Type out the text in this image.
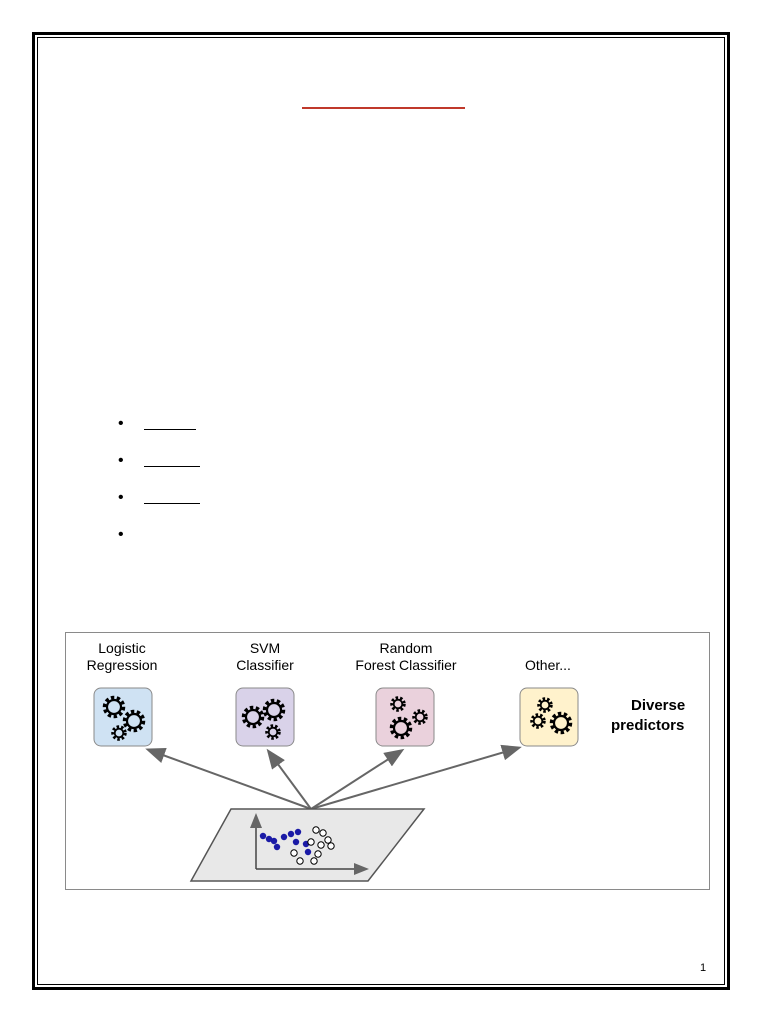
•
•
•
•
Logistic
Regression
SVM
Classifier
Random
Forest Classifier	Other...
Diverse
predictors
1
